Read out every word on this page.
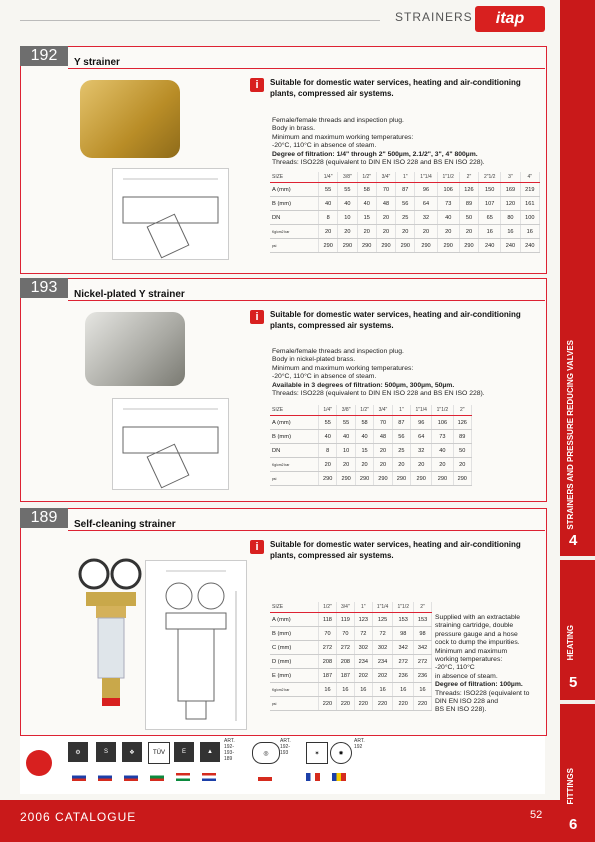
STRAINERS	itap
192	Y strainer
i	Suitable for domestic water services, heating and air-conditioning plants, compressed air systems.
Female/female threads and inspection plug.
Body in brass.
Minimum and maximum working temperatures:
-20°C, 110°C in absence of steam.
Degree of filtration: 1/4" through 2" 500µm, 2.1/2", 3", 4" 800µm.
Threads: ISO228 (equivalent to DIN EN ISO 228 and BS EN ISO 228).
SIZE	1/4"	3/8"	1/2"	3/4"	1"	1"1/4	1"1/2	2"	2"1/2	3"	4"
A (mm)	55	55	58	70	87	96	106	126	150	169	219
B (mm)	40	40	40	48	56	64	73	89	107	120	161
DN	8	10	15	20	25	32	40	50	65	80	100
Kg/cm2 bar	20	20	20	20	20	20	20	20	16	16	16
psi	290	290	290	290	290	290	290	290	240	240	240
193	Nickel-plated Y strainer
i	Suitable for domestic water services, heating and air-conditioning plants, compressed air systems.
Female/female threads and inspection plug.
Body in nickel-plated brass.
Minimum and maximum working temperatures:
-20°C, 110°C in absence of steam.
Available in 3 degrees of filtration: 500µm, 300µm, 50µm.
Threads: ISO228 (equivalent to DIN EN ISO 228 and BS EN ISO 228).
SIZE	1/4"	3/8"	1/2"	3/4"	1"	1"1/4	1"1/2	2"
A (mm)	55	55	58	70	87	96	106	126
B (mm)	40	40	40	48	56	64	73	89
DN	8	10	15	20	25	32	40	50
Kg/cm2 bar	20	20	20	20	20	20	20	20
psi	290	290	290	290	290	290	290	290
189	Self-cleaning strainer
i	Suitable for domestic water services, heating and air-conditioning plants, compressed air systems.
SIZE	1/2"	3/4"	1"	1"1/4	1"1/2	2"
A (mm)	118	119	123	125	153	153
B (mm)	70	70	72	72	98	98
C (mm)	272	272	302	302	342	342
D (mm)	208	208	234	234	272	272
E (mm)	187	187	202	202	236	236
Kg/cm2 bar	16	16	16	16	16	16
psi	220	220	220	220	220	220
Supplied with an extractable
straining cartridge, double
pressure gauge and a hose
cock to dump the impurities.
Minimum and maximum
working temperatures:
-20°C, 110°C
in absence of steam.
Degree of filtration: 100µm.
Threads: ISO228 (equivalent to
DIN EN ISO 228 and
BS EN ISO 228).
⚙	S	❖	TÜV	E	▲
ART.
192-
193-
189
◎
ART.
192-
193	✶	✸
ART.
192
STRAINERS AND PRESSURE REDUCING VALVES
4
HEATING
5
FITTINGS
6
2006 CATALOGUE	52
